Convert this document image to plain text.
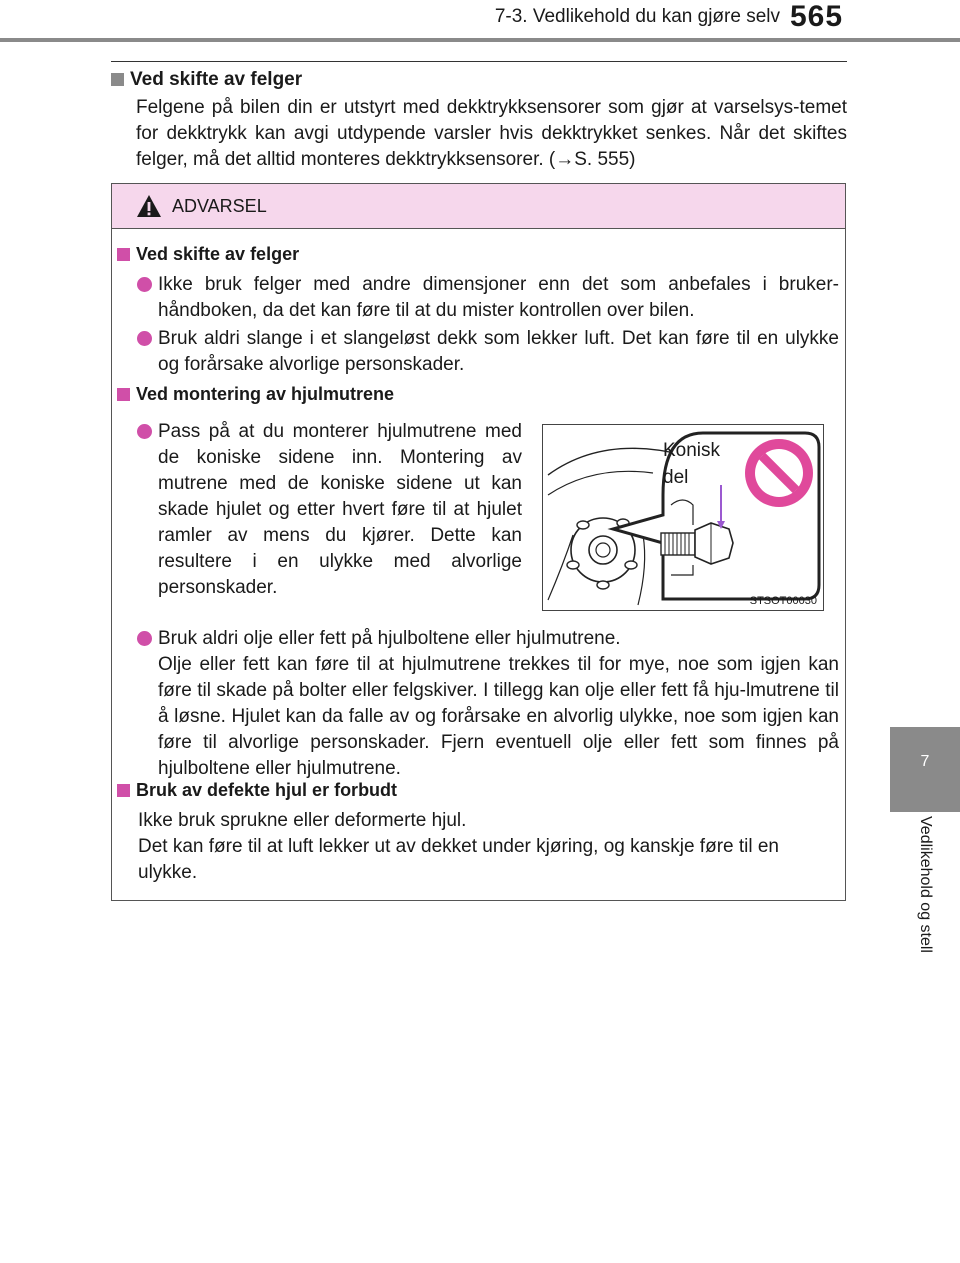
7-3. Vedlikehold du kan gjøre selv 565
7
Vedlikehold og stell
Ved skifte av felger
Felgene på bilen din er utstyrt med dekktrykksensorer som gjør at varselsys-temet for dekktrykk kan avgi utdypende varsler hvis dekktrykket senkes. Når det skiftes felger, må det alltid monteres dekktrykksensorer. (→S. 555)
ADVARSEL
Ved skifte av felger
Ikke bruk felger med andre dimensjoner enn det som anbefales i bruker-håndboken, da det kan føre til at du mister kontrollen over bilen.
Bruk aldri slange i et slangeløst dekk som lekker luft. Det kan føre til en ulykke og forårsake alvorlige personskader.
Ved montering av hjulmutrene
Pass på at du monterer hjulmutrene med de koniske sidene inn. Montering av mutrene med de koniske sidene ut kan skade hjulet og etter hvert føre til at hjulet ramler av mens du kjører. Dette kan resultere i en ulykke med alvorlige personskader.
Konisk
del
STSOT00030
Bruk aldri olje eller fett på hjulboltene eller hjulmutrene.
Olje eller fett kan føre til at hjulmutrene trekkes til for mye, noe som igjen kan føre til skade på bolter eller felgskiver. I tillegg kan olje eller fett få hju-lmutrene til å løsne. Hjulet kan da falle av og forårsake en alvorlig ulykke, noe som igjen kan føre til alvorlige personskader. Fjern eventuell olje eller fett som finnes på hjulboltene eller hjulmutrene.
Bruk av defekte hjul er forbudt
Ikke bruk sprukne eller deformerte hjul.
Det kan føre til at luft lekker ut av dekket under kjøring, og kanskje føre til en ulykke.
